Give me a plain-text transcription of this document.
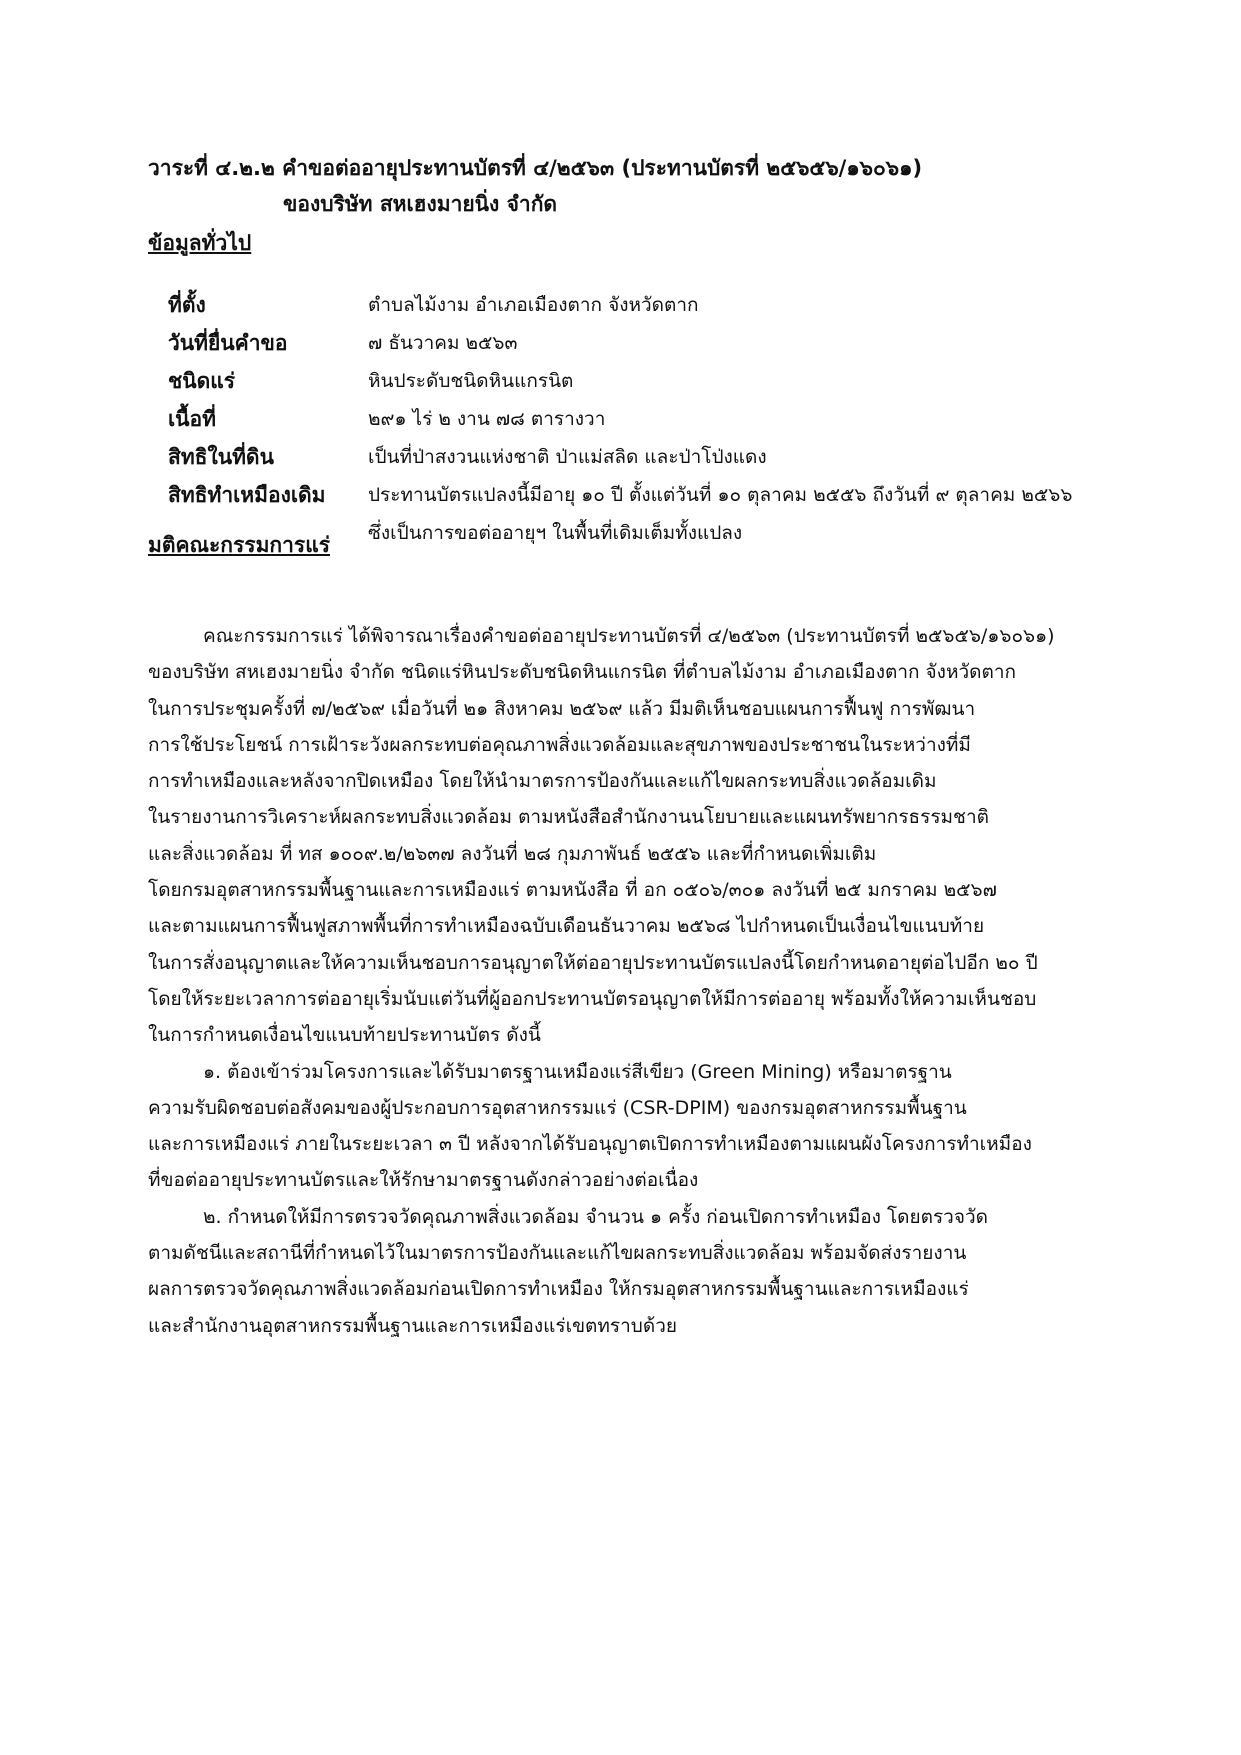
วาระที่ ๔.๒.๒ คำขอต่ออายุประทานบัตรที่ ๔/๒๕๖๓ (ประทานบัตรที่ ๒๕๖๕๖/๑๖๐๖๑)
ของบริษัท สหเฮงมายนิ่ง จำกัด
ข้อมูลทั่วไป
ที่ตั้ง	ตำบลไม้งาม อำเภอเมืองตาก จังหวัดตาก
วันที่ยื่นคำขอ	๗ ธันวาคม ๒๕๖๓
ชนิดแร่	หินประดับชนิดหินแกรนิต
เนื้อที่	๒๙๑ ไร่ ๒ งาน ๗๘ ตารางวา
สิทธิในที่ดิน	เป็นที่ป่าสงวนแห่งชาติ ป่าแม่สลิด และป่าโป่งแดง
สิทธิทำเหมืองเดิม	ประทานบัตรแปลงนี้มีอายุ ๑๐ ปี ตั้งแต่วันที่ ๑๐ ตุลาคม ๒๕๕๖ ถึงวันที่ ๙ ตุลาคม ๒๕๖๖
ซึ่งเป็นการขอต่ออายุฯ ในพื้นที่เดิมเต็มทั้งแปลง
มติคณะกรรมการแร่
คณะกรรมการแร่ ได้พิจารณาเรื่องคำขอต่ออายุประทานบัตรที่ ๔/๒๕๖๓ (ประทานบัตรที่ ๒๕๖๕๖/๑๖๐๖๑)
ของบริษัท สหเฮงมายนิ่ง จำกัด ชนิดแร่หินประดับชนิดหินแกรนิต ที่ตำบลไม้งาม อำเภอเมืองตาก จังหวัดตาก
ในการประชุมครั้งที่ ๗/๒๕๖๙ เมื่อวันที่ ๒๑ สิงหาคม ๒๕๖๙ แล้ว มีมติเห็นชอบแผนการฟื้นฟู การพัฒนา
การใช้ประโยชน์ การเฝ้าระวังผลกระทบต่อคุณภาพสิ่งแวดล้อมและสุขภาพของประชาชนในระหว่างที่มี
การทำเหมืองและหลังจากปิดเหมือง โดยให้นำมาตรการป้องกันและแก้ไขผลกระทบสิ่งแวดล้อมเดิม
ในรายงานการวิเคราะห์ผลกระทบสิ่งแวดล้อม ตามหนังสือสำนักงานนโยบายและแผนทรัพยากรธรรมชาติ
และสิ่งแวดล้อม ที่ ทส ๑๐๐๙.๒/๒๖๓๗ ลงวันที่ ๒๘ กุมภาพันธ์ ๒๕๕๖ และที่กำหนดเพิ่มเติม
โดยกรมอุตสาหกรรมพื้นฐานและการเหมืองแร่ ตามหนังสือ ที่ อก ๐๕๐๖/๓๐๑ ลงวันที่ ๒๕ มกราคม ๒๕๖๗
และตามแผนการฟื้นฟูสภาพพื้นที่การทำเหมืองฉบับเดือนธันวาคม ๒๕๖๘ ไปกำหนดเป็นเงื่อนไขแนบท้าย
ในการสั่งอนุญาตและให้ความเห็นชอบการอนุญาตให้ต่ออายุประทานบัตรแปลงนี้โดยกำหนดอายุต่อไปอีก ๒๐ ปี
โดยให้ระยะเวลาการต่ออายุเริ่มนับแต่วันที่ผู้ออกประทานบัตรอนุญาตให้มีการต่ออายุ พร้อมทั้งให้ความเห็นชอบ
ในการกำหนดเงื่อนไขแนบท้ายประทานบัตร ดังนี้
๑. ต้องเข้าร่วมโครงการและได้รับมาตรฐานเหมืองแร่สีเขียว (Green Mining) หรือมาตรฐาน
ความรับผิดชอบต่อสังคมของผู้ประกอบการอุตสาหกรรมแร่ (CSR-DPIM) ของกรมอุตสาหกรรมพื้นฐาน
และการเหมืองแร่ ภายในระยะเวลา ๓ ปี หลังจากได้รับอนุญาตเปิดการทำเหมืองตามแผนผังโครงการทำเหมือง
ที่ขอต่ออายุประทานบัตรและให้รักษามาตรฐานดังกล่าวอย่างต่อเนื่อง
๒. กำหนดให้มีการตรวจวัดคุณภาพสิ่งแวดล้อม จำนวน ๑ ครั้ง ก่อนเปิดการทำเหมือง โดยตรวจวัด
ตามดัชนีและสถานีที่กำหนดไว้ในมาตรการป้องกันและแก้ไขผลกระทบสิ่งแวดล้อม พร้อมจัดส่งรายงาน
ผลการตรวจวัดคุณภาพสิ่งแวดล้อมก่อนเปิดการทำเหมือง ให้กรมอุตสาหกรรมพื้นฐานและการเหมืองแร่
และสำนักงานอุตสาหกรรมพื้นฐานและการเหมืองแร่เขตทราบด้วย
